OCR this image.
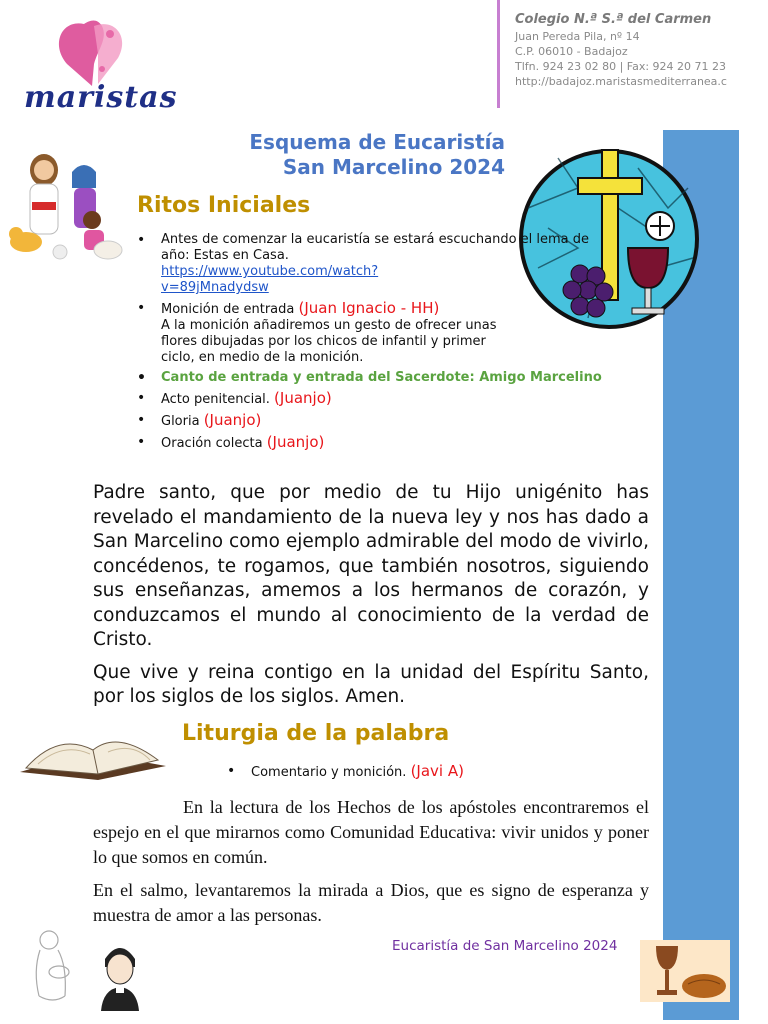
maristas
Colegio N.ª S.ª del Carmen
Juan Pereda Pila, nº 14
C.P. 06010 - Badajoz
Tlfn. 924 23 02 80 | Fax: 924 20 71 23
http://badajoz.maristasmediterranea.c
Esquema de Eucaristía
San Marcelino 2024
Ritos Iniciales
• Antes de comenzar la eucaristía se estará escuchando el lema de año: Estas en Casa.
https://www.youtube.com/watch?
v=89jMnadydsw
• Monición de entrada (Juan Ignacio - HH)
A la monición añadiremos un gesto de ofrecer unas flores dibujadas por los chicos de infantil y primer ciclo, en medio de la monición.
• Canto de entrada y entrada del Sacerdote: Amigo Marcelino
• Acto penitencial. (Juanjo)
• Gloria (Juanjo)
• Oración colecta (Juanjo)

Padre santo, que por medio de tu Hijo unigénito has revelado el mandamiento de la nueva ley y nos has dado a San Marcelino como ejemplo admirable del modo de vivirlo, concédenos, te rogamos, que también nosotros, siguiendo sus enseñanzas, amemos a los hermanos de corazón, y conduzcamos el mundo al conocimiento de la verdad de Cristo.

Que vive y reina contigo en la unidad del Espíritu Santo, por los siglos de los siglos. Amen.

Liturgia de la palabra
• Comentario y monición. (Javi A)

En la lectura de los Hechos de los apóstoles encontraremos el espejo en el que mirarnos como Comunidad Educativa: vivir unidos y poner lo que somos en común.

En el salmo, levantaremos la mirada a Dios, que es signo de esperanza y muestra de amor a las personas.

Eucaristía de San Marcelino 2024
